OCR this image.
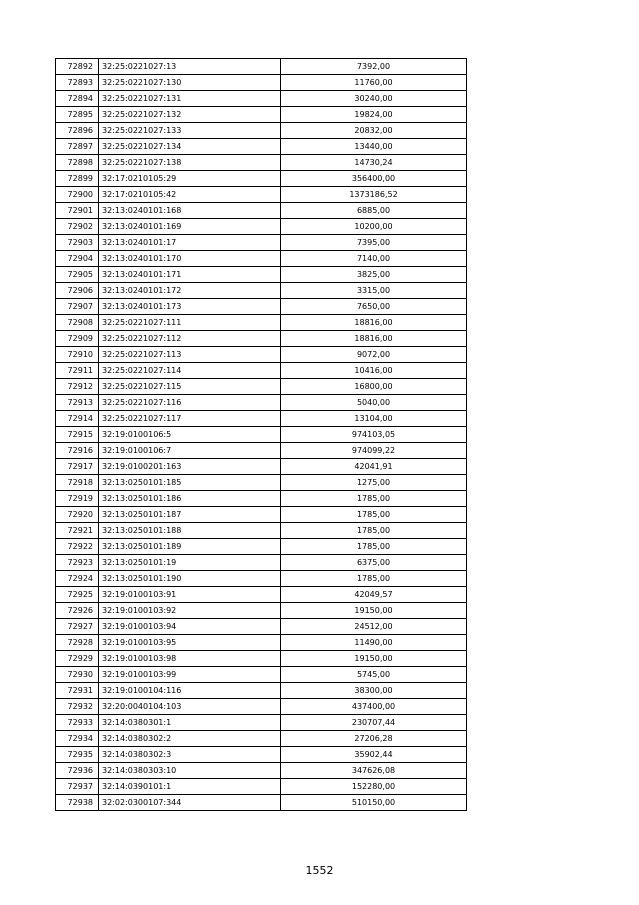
72892	32:25:0221027:13	7392,00
72893	32:25:0221027:130	11760,00
72894	32:25:0221027:131	30240,00
72895	32:25:0221027:132	19824,00
72896	32:25:0221027:133	20832,00
72897	32:25:0221027:134	13440,00
72898	32:25:0221027:138	14730,24
72899	32:17:0210105:29	356400,00
72900	32:17:0210105:42	1373186,52
72901	32:13:0240101:168	6885,00
72902	32:13:0240101:169	10200,00
72903	32:13:0240101:17	7395,00
72904	32:13:0240101:170	7140,00
72905	32:13:0240101:171	3825,00
72906	32:13:0240101:172	3315,00
72907	32:13:0240101:173	7650,00
72908	32:25:0221027:111	18816,00
72909	32:25:0221027:112	18816,00
72910	32:25:0221027:113	9072,00
72911	32:25:0221027:114	10416,00
72912	32:25:0221027:115	16800,00
72913	32:25:0221027:116	5040,00
72914	32:25:0221027:117	13104,00
72915	32:19:0100106:5	974103,05
72916	32:19:0100106:7	974099,22
72917	32:19:0100201:163	42041,91
72918	32:13:0250101:185	1275,00
72919	32:13:0250101:186	1785,00
72920	32:13:0250101:187	1785,00
72921	32:13:0250101:188	1785,00
72922	32:13:0250101:189	1785,00
72923	32:13:0250101:19	6375,00
72924	32:13:0250101:190	1785,00
72925	32:19:0100103:91	42049,57
72926	32:19:0100103:92	19150,00
72927	32:19:0100103:94	24512,00
72928	32:19:0100103:95	11490,00
72929	32:19:0100103:98	19150,00
72930	32:19:0100103:99	5745,00
72931	32:19:0100104:116	38300,00
72932	32:20:0040104:103	437400,00
72933	32:14:0380301:1	230707,44
72934	32:14:0380302:2	27206,28
72935	32:14:0380302:3	35902,44
72936	32:14:0380303:10	347626,08
72937	32:14:0390101:1	152280,00
72938	32:02:0300107:344	510150,00
1552
